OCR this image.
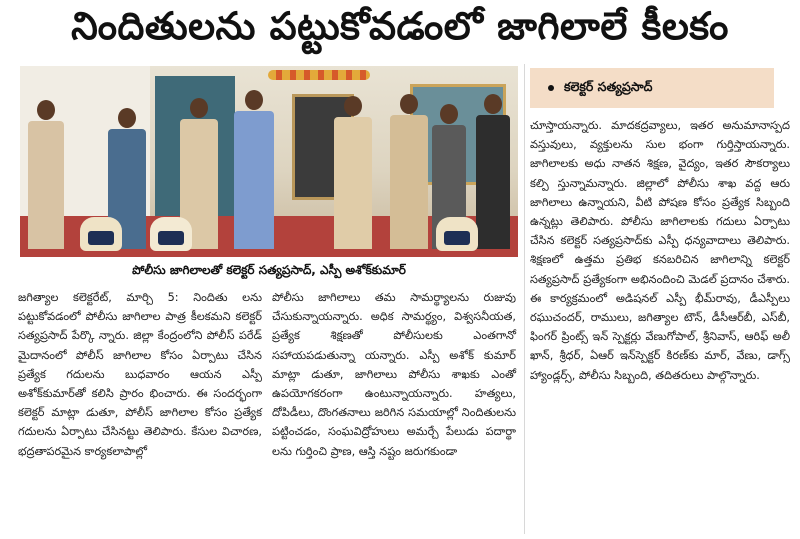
నిందితులను పట్టుకోవడంలో జాగిలాలే కీలకం
పోలీసు జాగిలాలతో కలెక్టర్ సత్యప్రసాద్, ఎస్పీ అశోక్‌కుమార్
కలెక్టర్ సత్యప్రసాద్
జగిత్యాల కలెక్టరేట్, మార్చి 5: నిందితు లను పట్టుకోవడంలో పోలీసు జాగిలాల పాత్ర కీలకమని కలెక్టర్ సత్యప్రసాద్ పేర్కొ న్నారు. జిల్లా కేంద్రంలోని పోలీస్ పరేడ్ మైదానంలో పోలీస్ జాగిలాల కోసం ఏర్పాటు చేసిన ప్రత్యేక గదులను బుధవారం ఆయన ఎస్పీ అశోక్‌కుమార్‌తో కలిసి ప్రారం భించారు. ఈ సందర్భంగా కలెక్టర్ మాట్లా డుతూ, పోలీస్ జాగిలాల కోసం ప్రత్యేక గదులను ఏర్పాటు చేసినట్టు తెలిపారు. కేసుల విచారణ, భద్రతాపరమైన కార్యకలాపాల్లో
పోలీసు జాగిలాలు తమ సామర్థ్యాలను రుజువు చేసుకున్నాయన్నారు. అధిక సామర్థ్యం, విశ్వసనీయత, ప్రత్యేక శిక్షణతో పోలీసులకు ఎంతగానో సహాయపడుతున్నా యన్నారు. ఎస్పీ అశోక్ కుమార్ మాట్లా డుతూ, జాగిలాలు పోలీసు శాఖకు ఎంతో ఉపయోగకరంగా ఉంటున్నాయన్నారు. హత్యలు, దోపిడీలు, దొంగతనాలు జరిగిన సమయాల్లో నిందితులను పట్టించడం, సంఘవిద్రోహులు అమర్చే పేలుడు పదార్థా లను గుర్తించి ప్రాణ, ఆస్తి నష్టం జరుగకుండా
చూస్తాయన్నారు. మాదకద్రవ్యాలు, ఇతర అనుమానాస్పద వస్తువులు, వ్యక్తులను సుల భంగా గుర్తిస్తాయన్నారు. జాగిలాలకు అధు నాతన శిక్షణ, వైద్యం, ఇతర సౌకర్యాలు కల్పి స్తున్నామన్నారు. జిల్లాలో పోలీసు శాఖ వద్ద ఆరు జాగిలాలు ఉన్నాయని, వీటి పోషణ కోసం ప్రత్యేక సిబ్బంది ఉన్నట్లు తెలిపారు. పోలీసు జాగిలాలకు గదులు ఏర్పాటు చేసిన కలెక్టర్ సత్యప్రసాద్‌కు ఎస్పీ ధన్యవాదాలు తెలిపారు. శిక్షణలో ఉత్తమ ప్రతిభ కనబరిచిన జాగిలాన్ని కలెక్టర్ సత్యప్రసాద్ ప్రత్యేకంగా అభినందించి మెడల్ ప్రదానం చేశారు. ఈ కార్యక్రమంలో అడిషనల్ ఎస్పీ భీమ్‌రావు, డీఎస్పీలు రఘుచందర్, రాములు, జగిత్యాల టౌన్, డీసీఆర్‌బీ, ఎస్‌బీ, ఫింగర్ ప్రింట్స్ ఇన్ స్పెక్టర్లు వేణుగోపాల్, శ్రీనివాస్, ఆరిఫ్ అలీ ఖాన్, శ్రీధర్, ఏఆర్ ఇన్‌స్పెక్టర్ కిరణ్‌కు మార్, వేణు, డాగ్స్ హ్యాండ్లర్స్, పోలీసు సిబ్బంది, తదితరులు పాల్గొన్నారు.
